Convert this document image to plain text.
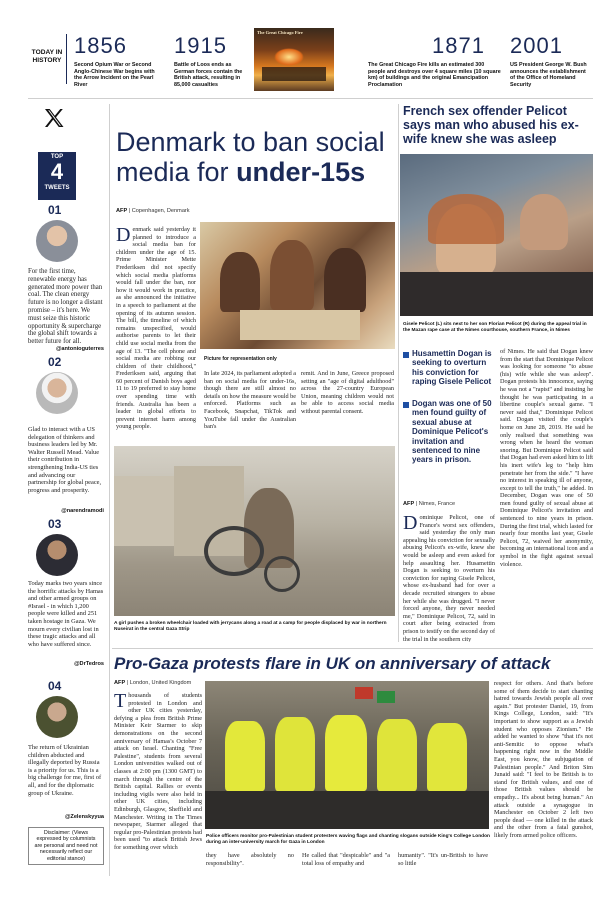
TODAY IN HISTORY
1856
Second Opium War or Second Anglo-Chinese War begins with the Arrow Incident on the Pearl River
1915
Battle of Loos ends as German forces contain the British attack, resulting in 85,000 casualties
The Great Chicago Fire
1871
The Great Chicago Fire kills an estimated 300 people and destroys over 4 square miles (10 square km) of buildings and the original Emancipation Proclamation
2001
US President George W. Bush announces the establishment of the Office of Homeland Security
TOP
4
TWEETS
01
For the first time, renewable energy has generated more power than coal. The clean energy future is no longer a distant promise – it's here. We must seize this historic opportunity & supercharge the global shift towards a better future for all.
@antonioguterres
02
Glad to interact with a US delegation of thinkers and business leaders led by Mr. Walter Russell Mead. Value their contribution in strengthening India-US ties and advancing our partnership for global peace, progress and prosperity.
@narendramodi
03
Today marks two years since the horrific attacks by Hamas and other armed groups on #Israel - in which 1,200 people were killed and 251 taken hostage in Gaza. We mourn every civilian lost in these tragic attacks and all who have suffered since.
@DrTedros
04
The return of Ukrainian children abducted and illegally deported by Russia is a priority for us. This is a big challenge for me, first of all, and for the diplomatic group of Ukraine.
@Zelenskyyua
Disclaimer: (Views expressed by columnists are personal and need not necessarily reflect our editorial stance)
Denmark to ban social media for under-15s
AFP | Copenhagen, Denmark
Denmark said yesterday it planned to introduce a social media ban for children under the age of 15. Prime Minister Mette Frederiksen did not specify which social media platforms would fall under the ban, nor how it would work in practice, as she announced the initiative in a speech to parliament at the opening of its autumn session. The bill, the timeline of which remains unspecified, would authorise parents to let their child use social media from the age of 13. "The cell phone and social media are robbing our children of their childhood," Frederiksen said, arguing that 60 percent of Danish boys aged 11 to 19 preferred to stay home over spending time with friends. Australia has been a leader in global efforts to prevent internet harm among young people.
Picture for representation only
In late 2024, its parliament adopted a ban on social media for under-16s, though there are still almost no details on how the measure would be enforced. Platforms such as Facebook, Snapchat, TikTok and YouTube fall under the Australian ban's
remit. And in June, Greece proposed setting an "age of digital adulthood" across the 27-country European Union, meaning children would not be able to access social media without parental consent.
A girl pushes a broken wheelchair loaded with jerrycans along a road at a camp for people displaced by war in northern Nuseirat in the central Gaza Strip
French sex offender Pelicot says man who abused his ex-wife knew she was asleep
Gisele Pelicot (L) sits next to her son Florian Pelicot (R) during the appeal trial in the Mazan rape case at the Nimes courthouse, southern France, in Nimes
Husamettin Dogan is seeking to overturn his conviction for raping Gisele Pelicot
Dogan was one of 50 men found guilty of sexual abuse at Dominique Pelicot's invitation and sentenced to nine years in prison.
AFP | Nimes, France
Dominique Pelicot, one of France's worst sex offenders, said yesterday the only man appealing his conviction for sexually abusing Pelicot's ex-wife, knew she would be asleep and even asked for help assaulting her. Husamettin Dogan is seeking to overturn his conviction for raping Gisele Pelicot, whose ex-husband had for over a decade recruited strangers to abuse her while she was drugged. "I never forced anyone, they never needed me," Dominique Pelicot, 72, said in court after being extracted from prison to testify on the second day of the trial in the southern city
of Nimes. He said that Dogan knew from the start that Dominique Pelicot was looking for someone "to abuse (his) wife while she was asleep". Dogan protests his innocence, saying he was not a "rapist" and insisting he thought he was participating in a libertine couple's sexual game. "I never said that," Dominique Pelicot said. Dogan visited the couple's home on June 28, 2019. He said he only realised that something was wrong when he heard the woman snoring. But Dominique Pelicot said that Dogan had even asked him to lift his inert wife's leg to "help him penetrate her from the side." "I have no interest in speaking ill of anyone, except to tell the truth," he added. In December, Dogan was one of 50 men found guilty of sexual abuse at Dominique Pelicot's invitation and sentenced to nine years in prison. During the first trial, which lasted for nearly four months last year, Gisele Pelicot, 72, waived her anonymity, becoming an international icon and a symbol in the fight against sexual violence.
Pro-Gaza protests flare in UK on anniversary of attack
AFP | London, United Kingdom
Thousands of students protested in London and other UK cities yesterday, defying a plea from British Prime Minister Keir Starmer to skip demonstrations on the second anniversary of Hamas's October 7 attack on Israel. Chanting "Free Palestine", students from several London universities walked out of classes at 2:00 pm (1300 GMT) to march through the centre of the British capital. Rallies or events including vigils were also held in other UK cities, including Edinburgh, Glasgow, Sheffield and Manchester. Writing in The Times newspaper, Starmer alleged that regular pro-Palestinian protests had been used "to attack British Jews for something over which
Police officers monitor pro-Palestinian student protesters waving flags and chanting slogans outside King's College London during an inter-university march for Gaza in London
they have absolutely no responsibility".
He called that "despicable" and "a total loss of empathy and
humanity". "It's un-British to have so little
respect for others. And that's before some of them decide to start chanting hatred towards Jewish people all over again." But protester Daniel, 19, from Kings College, London, said: "It's important to show support as a Jewish student who opposes Zionism." He added he wanted to show "that it's not anti-Semitic to oppose what's happening right now in the Middle East, you know, the subjugation of Palestinian people." And Briton Sim Junaid said: "I feel to be British is to stand for British values, and one of those British values should be empathy... It's about being human." An attack outside a synagogue in Manchester on October 2 left two people dead — one killed in the attack and the other from a fatal gunshot, likely from armed police officers.
